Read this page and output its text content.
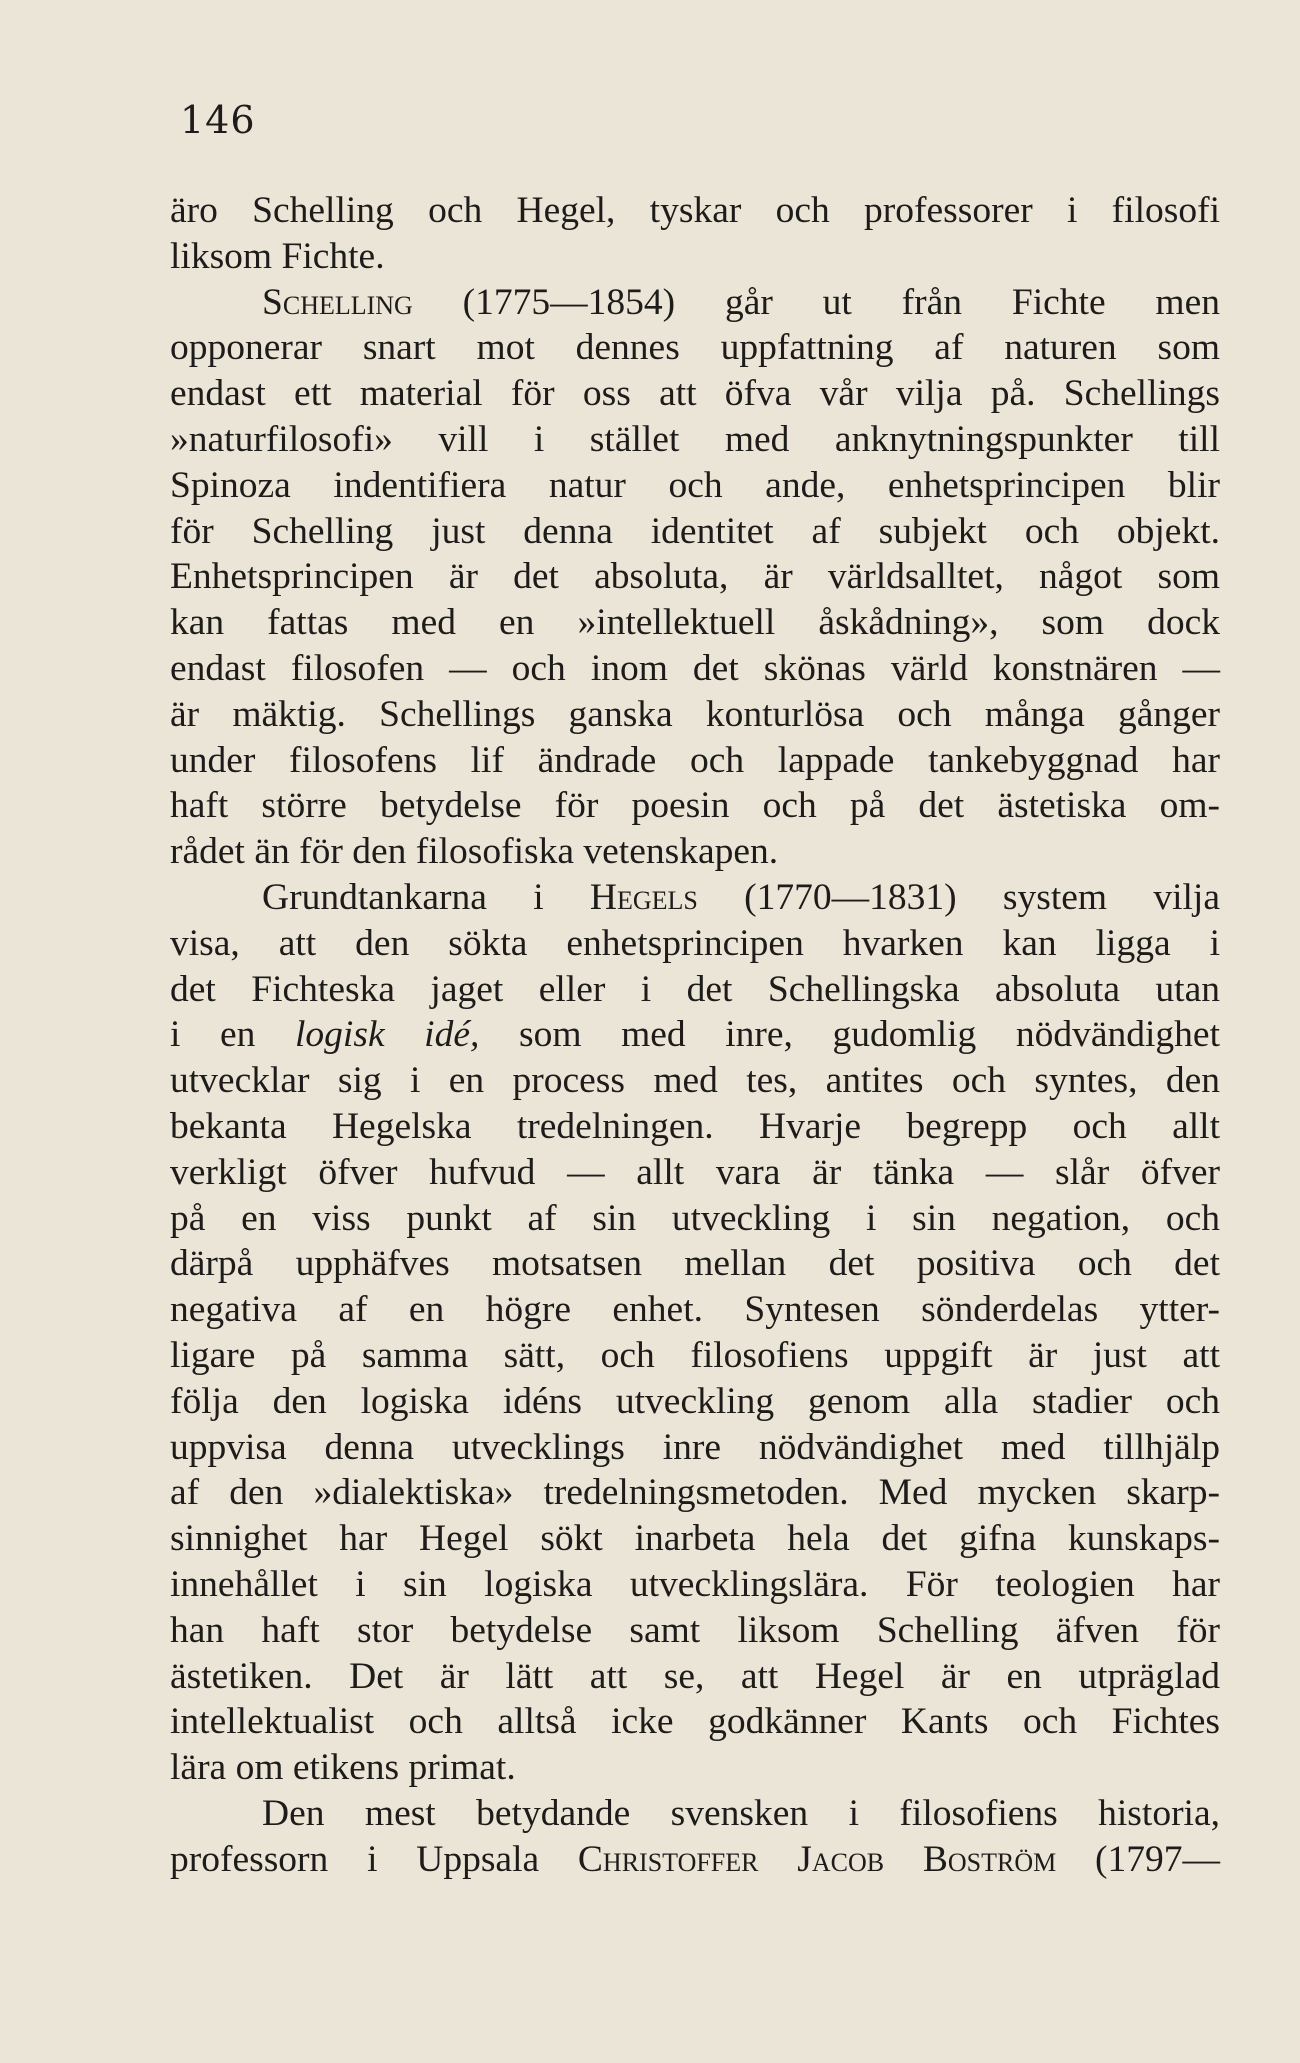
146
äro Schelling och Hegel, tyskar och professorer i filosofi
liksom Fichte.
Schelling (1775—1854) går ut från Fichte men
opponerar snart mot dennes uppfattning af naturen som
endast ett material för oss att öfva vår vilja på. Schellings
»naturfilosofi» vill i stället med anknytningspunkter till
Spinoza indentifiera natur och ande, enhetsprincipen blir
för Schelling just denna identitet af subjekt och objekt.
Enhetsprincipen är det absoluta, är världsalltet, något som
kan fattas med en »intellektuell åskådning», som dock
endast filosofen — och inom det skönas värld konstnären —
är mäktig. Schellings ganska konturlösa och många gånger
under filosofens lif ändrade och lappade tankebyggnad har
haft större betydelse för poesin och på det ästetiska om-
rådet än för den filosofiska vetenskapen.
Grundtankarna i Hegels (1770—1831) system vilja
visa, att den sökta enhetsprincipen hvarken kan ligga i
det Fichteska jaget eller i det Schellingska absoluta utan
i en logisk idé, som med inre, gudomlig nödvändighet
utvecklar sig i en process med tes, antites och syntes, den
bekanta Hegelska tredelningen. Hvarje begrepp och allt
verkligt öfver hufvud — allt vara är tänka — slår öfver
på en viss punkt af sin utveckling i sin negation, och
därpå upphäfves motsatsen mellan det positiva och det
negativa af en högre enhet. Syntesen sönderdelas ytter-
ligare på samma sätt, och filosofiens uppgift är just att
följa den logiska idéns utveckling genom alla stadier och
uppvisa denna utvecklings inre nödvändighet med tillhjälp
af den »dialektiska» tredelningsmetoden. Med mycken skarp-
sinnighet har Hegel sökt inarbeta hela det gifna kunskaps-
innehållet i sin logiska utvecklingslära. För teologien har
han haft stor betydelse samt liksom Schelling äfven för
ästetiken. Det är lätt att se, att Hegel är en utpräglad
intellektualist och alltså icke godkänner Kants och Fichtes
lära om etikens primat.
Den mest betydande svensken i filosofiens historia,
professorn i Uppsala Christoffer Jacob Boström (1797—
